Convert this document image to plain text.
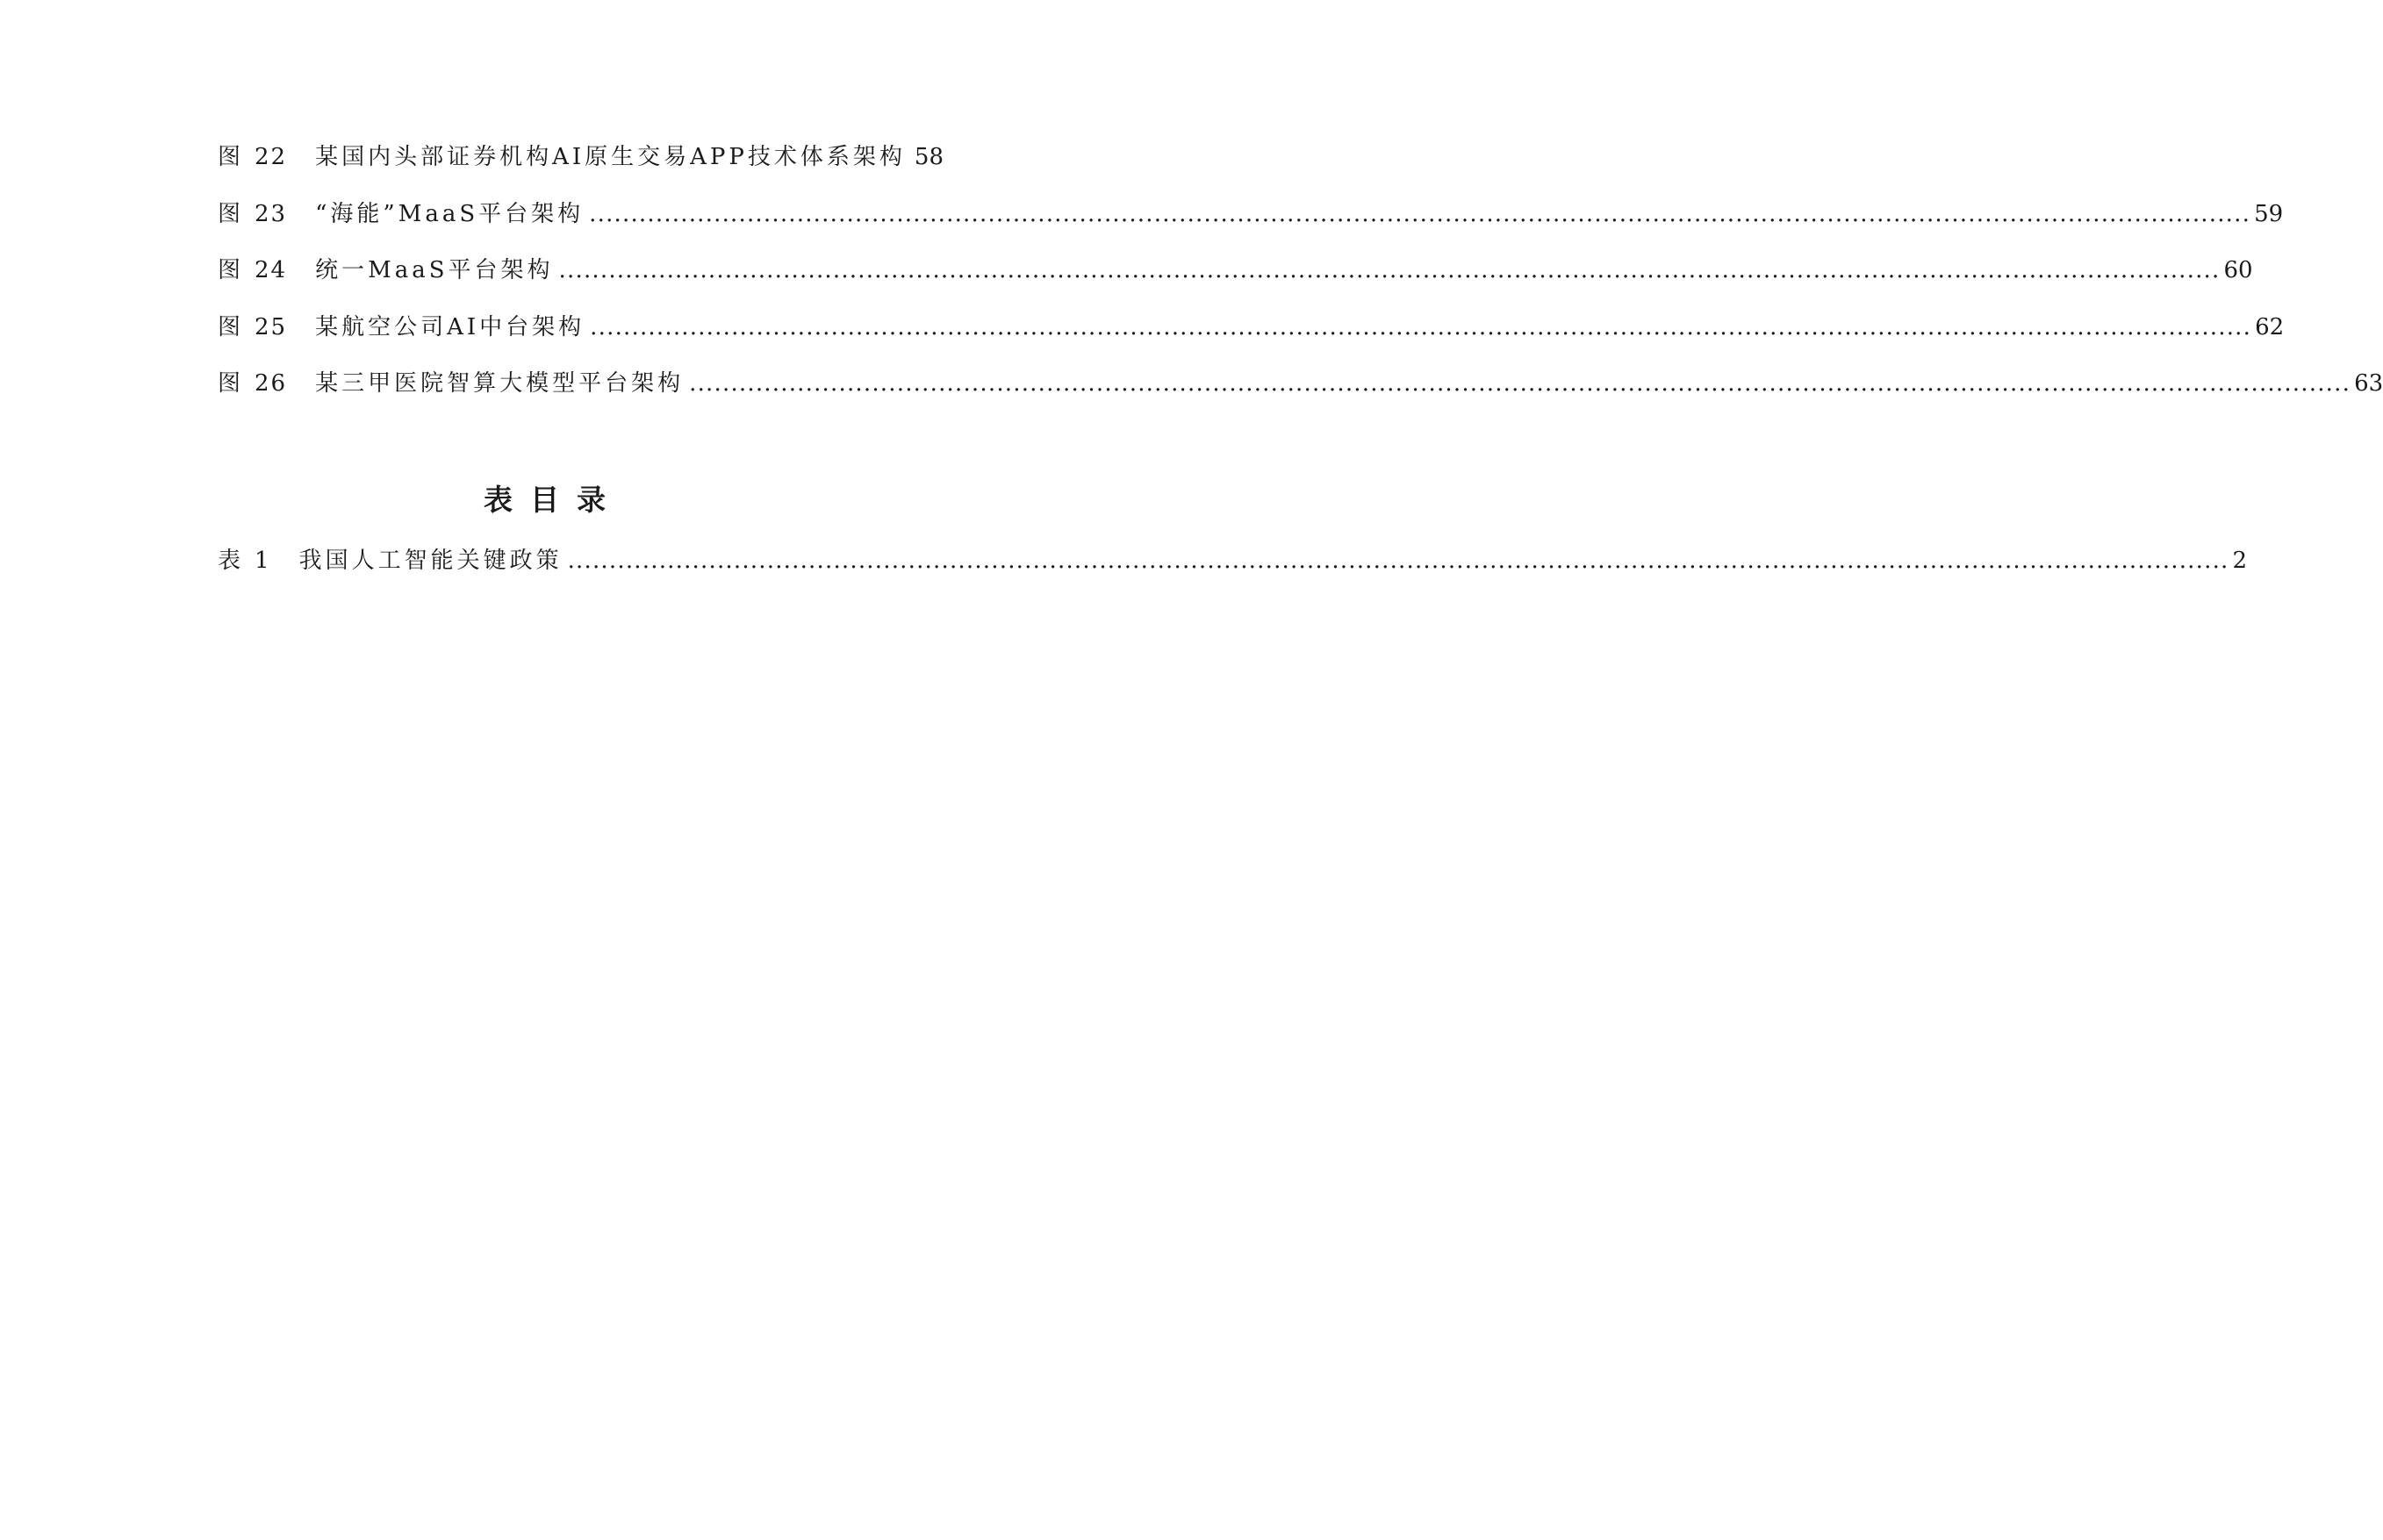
图 22 某国内头部证券机构AI原生交易APP技术体系架构 58
图 23 “海能”MaaS平台架构 ........................................................................................................................................................................................................ 59
图 24 统一MaaS平台架构 ........................................................................................................................................................................................................ 60
图 25 某航空公司AI中台架构 ........................................................................................................................................................................................................ 62
图 26 某三甲医院智算大模型平台架构 ........................................................................................................................................................................................................ 63
表目录
表 1 我国人工智能关键政策 ........................................................................................................................................................................................................ 2
